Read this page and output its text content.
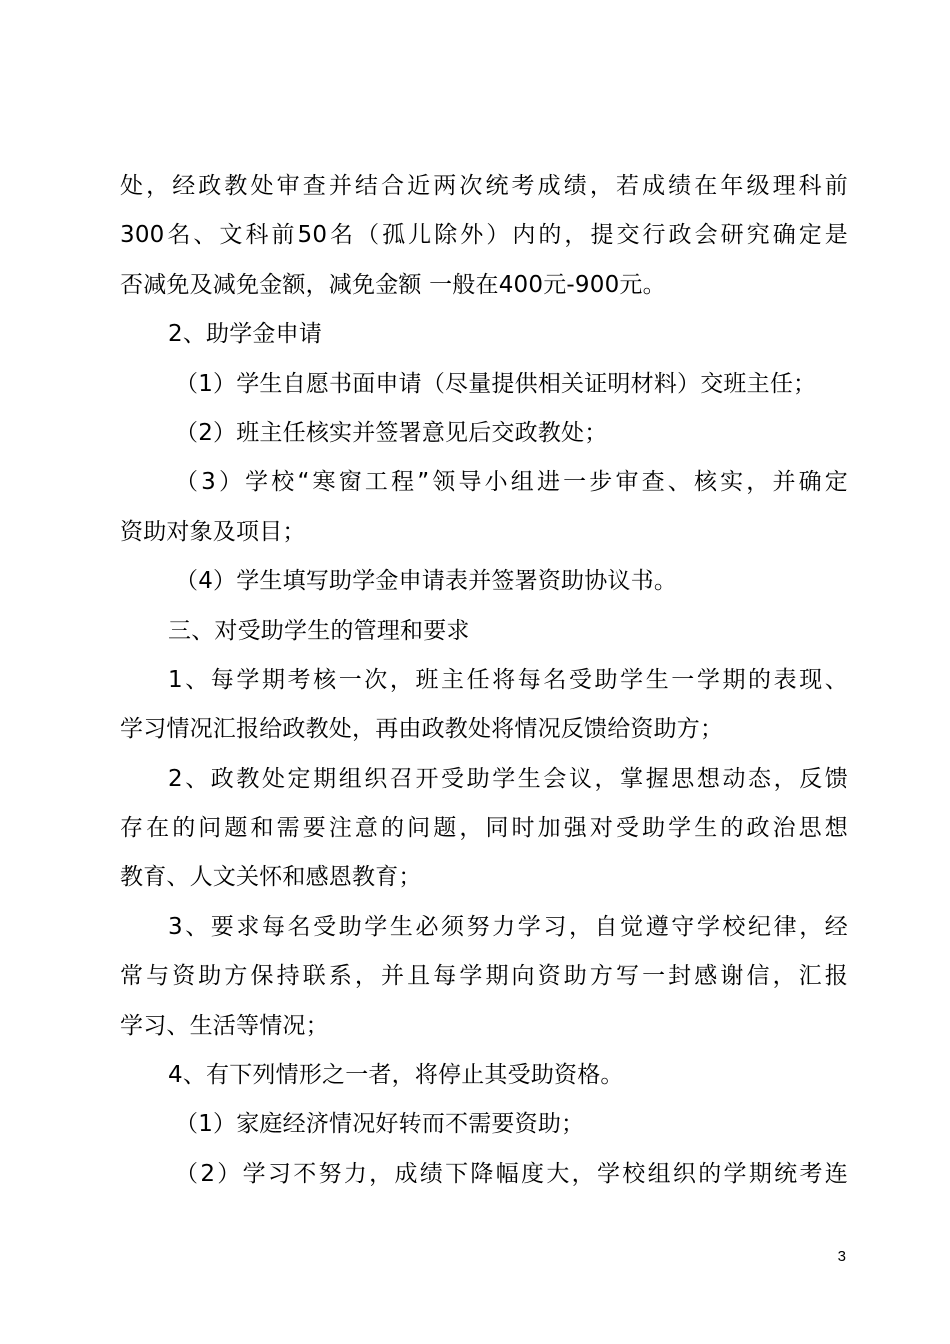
处，经政教处审查并结合近两次统考成绩，若成绩在年级理科前
300名、文科前50名（孤儿除外）内的，提交行政会研究确定是
否减免及减免金额，减免金额 一般在400元-900元。
2、助学金申请
（1）学生自愿书面申请（尽量提供相关证明材料）交班主任；
（2）班主任核实并签署意见后交政教处；
（3）学校“寒窗工程”领导小组进一步审查、核实，并确定
资助对象及项目；
（4）学生填写助学金申请表并签署资助协议书。
三、对受助学生的管理和要求
1、每学期考核一次，班主任将每名受助学生一学期的表现、
学习情况汇报给政教处，再由政教处将情况反馈给资助方；
2、政教处定期组织召开受助学生会议，掌握思想动态，反馈
存在的问题和需要注意的问题，同时加强对受助学生的政治思想
教育、人文关怀和感恩教育；
3、要求每名受助学生必须努力学习，自觉遵守学校纪律，经
常与资助方保持联系，并且每学期向资助方写一封感谢信，汇报
学习、生活等情况；
4、有下列情形之一者，将停止其受助资格。
（1）家庭经济情况好转而不需要资助；
（2）学习不努力，成绩下降幅度大，学校组织的学期统考连
3
